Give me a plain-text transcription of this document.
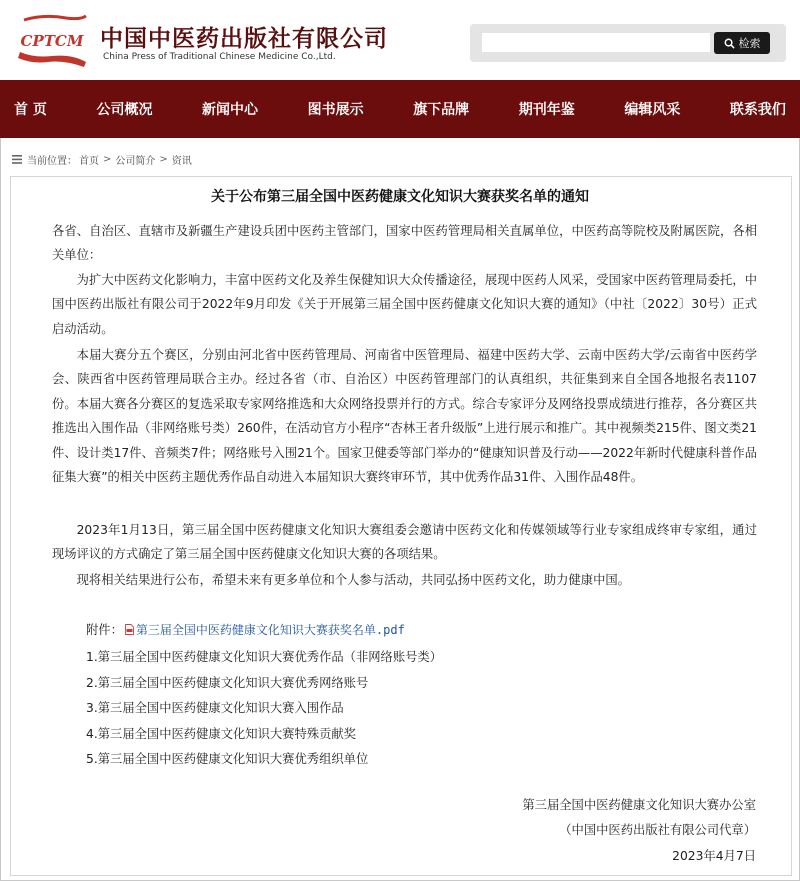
CPTCM 中国中医药出版社有限公司
China Press of Traditional Chinese Medicine Co.,Ltd.
检索
首 页	公司概况	新闻中心	图书展示	旗下品牌	期刊年鉴	编辑风采	联系我们
当前位置： 首页 > 公司简介 > 资讯
关于公布第三届全国中医药健康文化知识大赛获奖名单的通知

各省、自治区、直辖市及新疆生产建设兵团中医药主管部门，国家中医药管理局相关直属单位，中医药高等院校及附属医院，各相关单位：

为扩大中医药文化影响力，丰富中医药文化及养生保健知识大众传播途径，展现中医药人风采，受国家中医药管理局委托，中国中医药出版社有限公司于2022年9月印发《关于开展第三届全国中医药健康文化知识大赛的通知》（中社〔2022〕30号）正式启动活动。

本届大赛分五个赛区，分别由河北省中医药管理局、河南省中医管理局、福建中医药大学、云南中医药大学/云南省中医药学会、陕西省中医药管理局联合主办。经过各省（市、自治区）中医药管理部门的认真组织，共征集到来自全国各地报名表1107份。本届大赛各分赛区的复选采取专家网络推选和大众网络投票并行的方式。综合专家评分及网络投票成绩进行推荐，各分赛区共推选出入围作品（非网络账号类）260件，在活动官方小程序“杏林王者升级版”上进行展示和推广。其中视频类215件、图文类21件、设计类17件、音频类7件；网络账号入围21个。国家卫健委等部门举办的“健康知识普及行动——2022年新时代健康科普作品征集大赛”的相关中医药主题优秀作品自动进入本届知识大赛终审环节，其中优秀作品31件、入围作品48件。

2023年1月13日，第三届全国中医药健康文化知识大赛组委会邀请中医药文化和传媒领域等行业专家组成终审专家组，通过现场评议的方式确定了第三届全国中医药健康文化知识大赛的各项结果。

现将相关结果进行公布，希望未来有更多单位和个人参与活动，共同弘扬中医药文化，助力健康中国。

附件： 第三届全国中医药健康文化知识大赛获奖名单.pdf
1.第三届全国中医药健康文化知识大赛优秀作品（非网络账号类）
2.第三届全国中医药健康文化知识大赛优秀网络账号
3.第三届全国中医药健康文化知识大赛入围作品
4.第三届全国中医药健康文化知识大赛特殊贡献奖
5.第三届全国中医药健康文化知识大赛优秀组织单位
第三届全国中医药健康文化知识大赛办公室
（中国中医药出版社有限公司代章）
2023年4月7日
